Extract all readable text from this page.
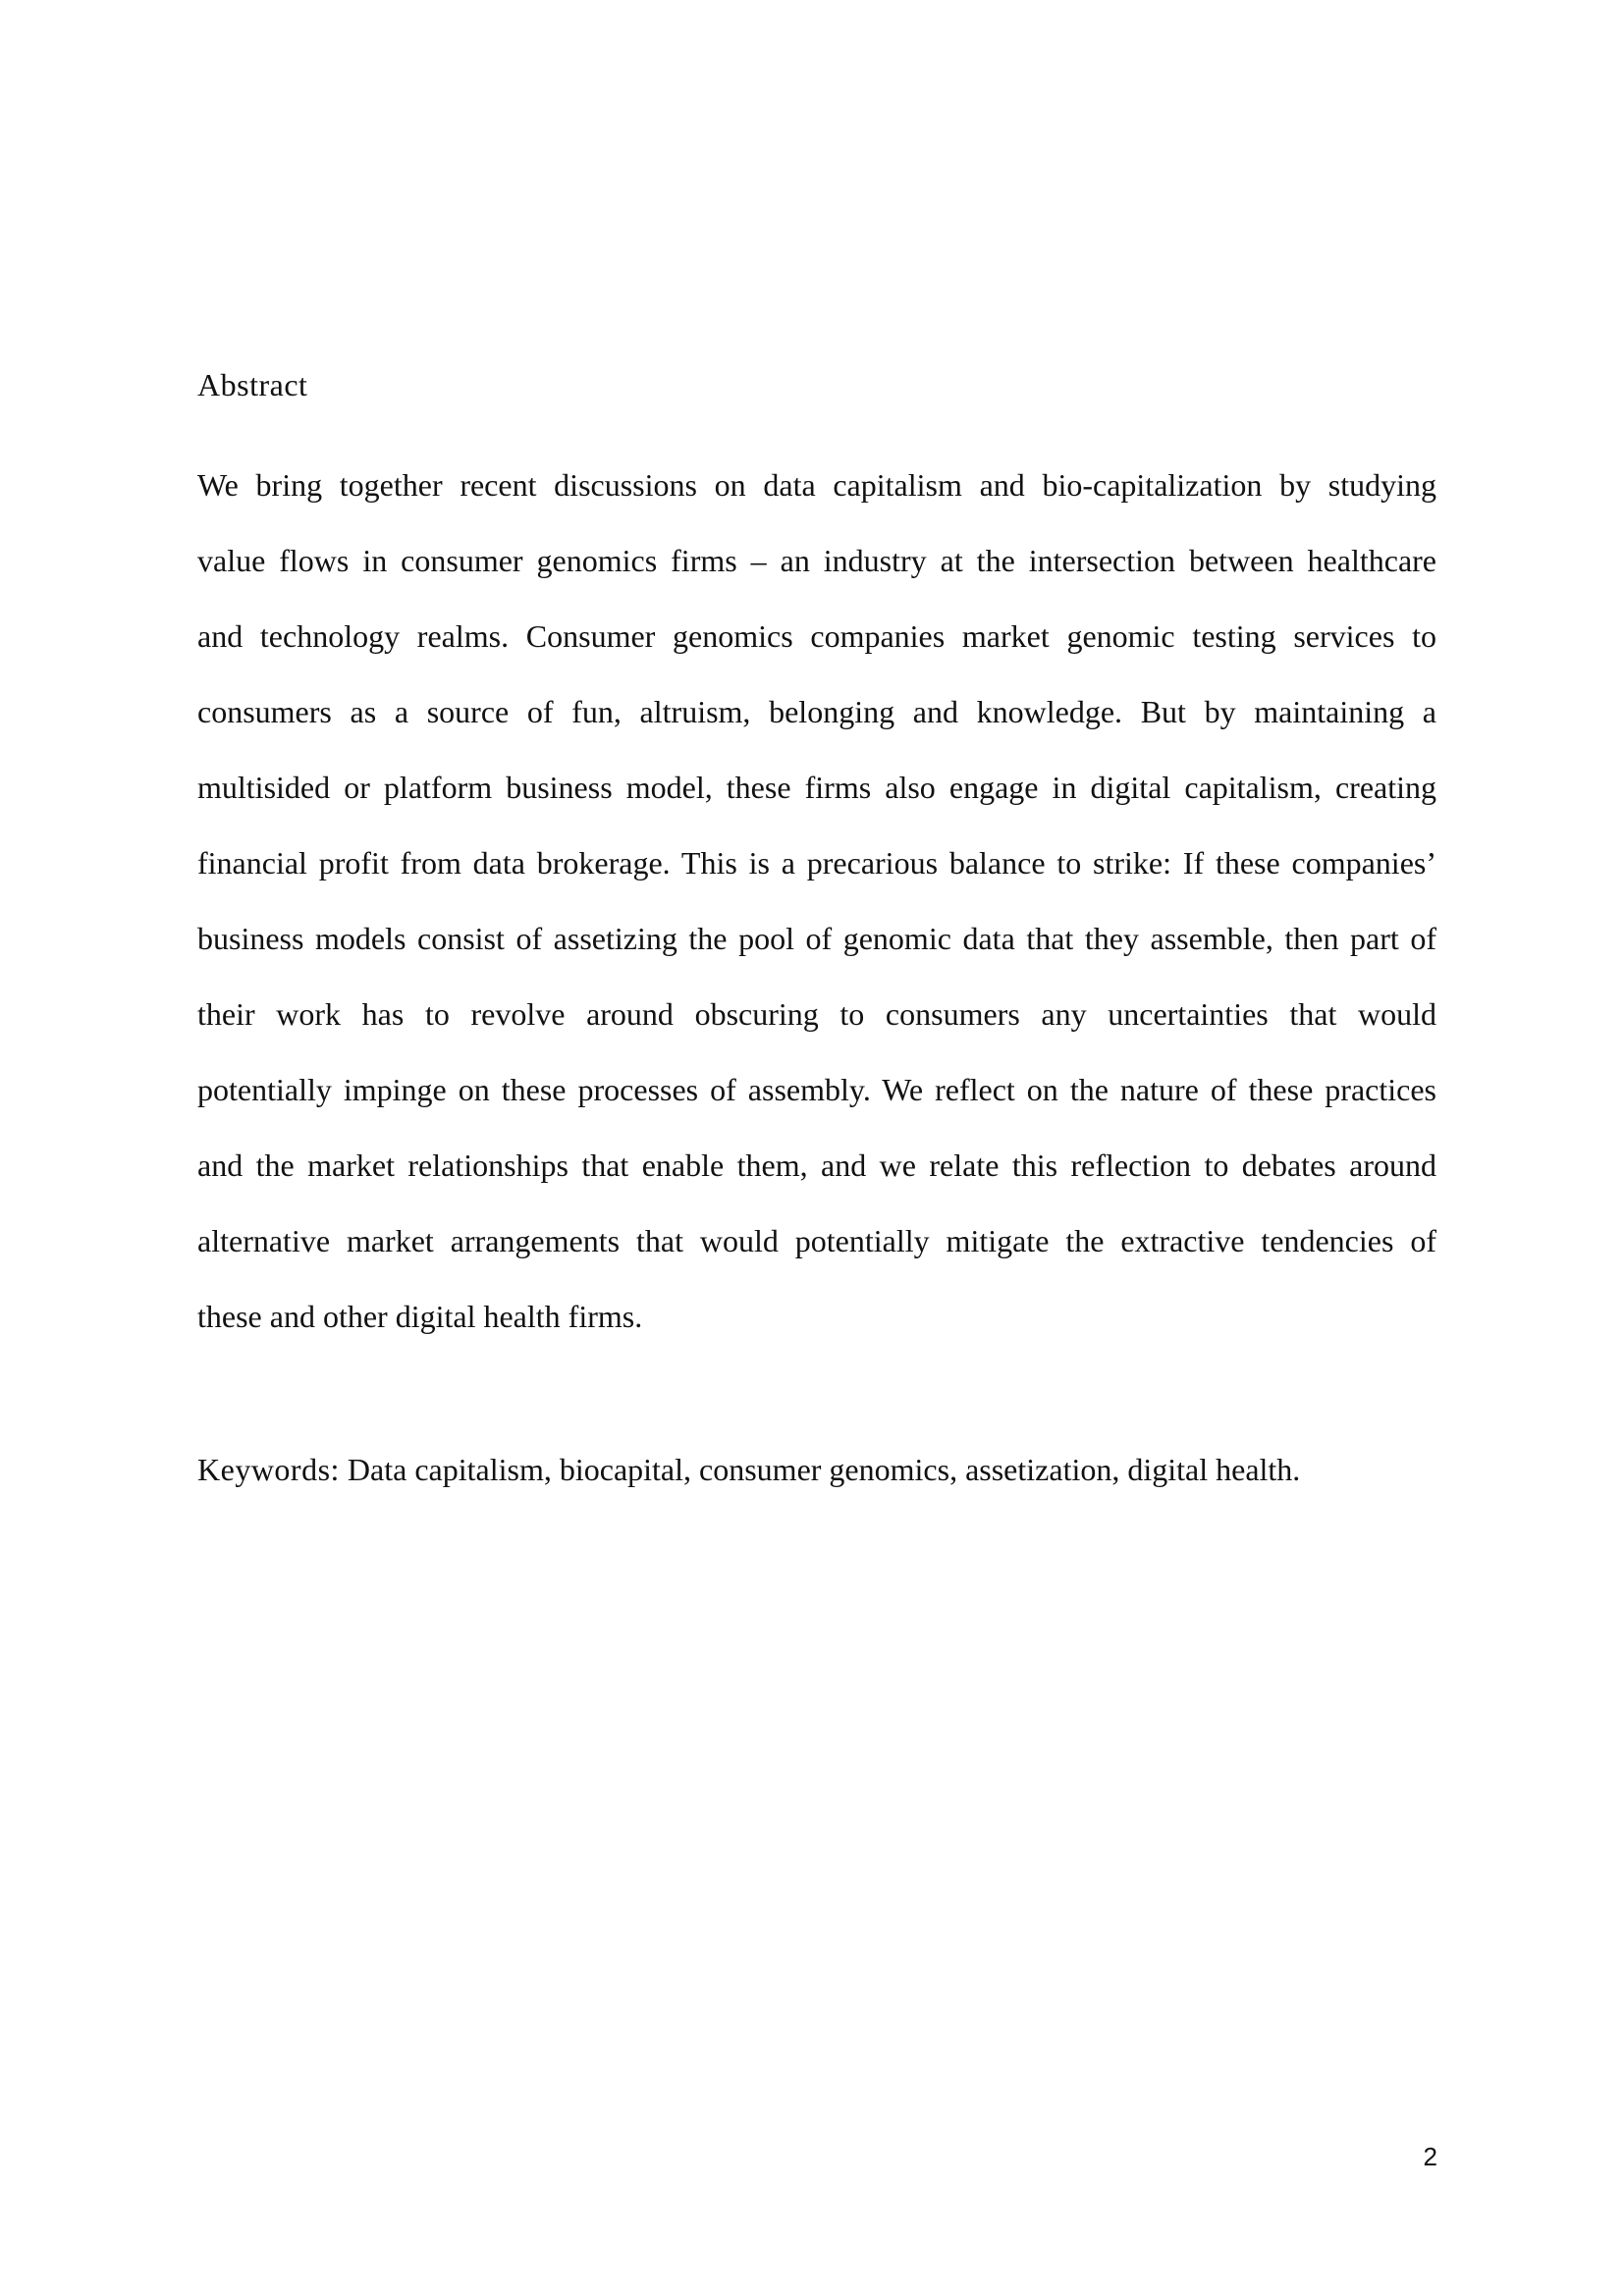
Abstract
We bring together recent discussions on data capitalism and bio-capitalization by studying
value flows in consumer genomics firms – an industry at the intersection between healthcare
and technology realms. Consumer genomics companies market genomic testing services to
consumers as a source of fun, altruism, belonging and knowledge. But by maintaining a
multisided or platform business model, these firms also engage in digital capitalism, creating
financial profit from data brokerage. This is a precarious balance to strike: If these companies’
business models consist of assetizing the pool of genomic data that they assemble, then part of
their work has to revolve around obscuring to consumers any uncertainties that would
potentially impinge on these processes of assembly. We reflect on the nature of these practices
and the market relationships that enable them, and we relate this reflection to debates around
alternative market arrangements that would potentially mitigate the extractive tendencies of
these and other digital health firms.

Keywords: Data capitalism, biocapital, consumer genomics, assetization, digital health.

2
